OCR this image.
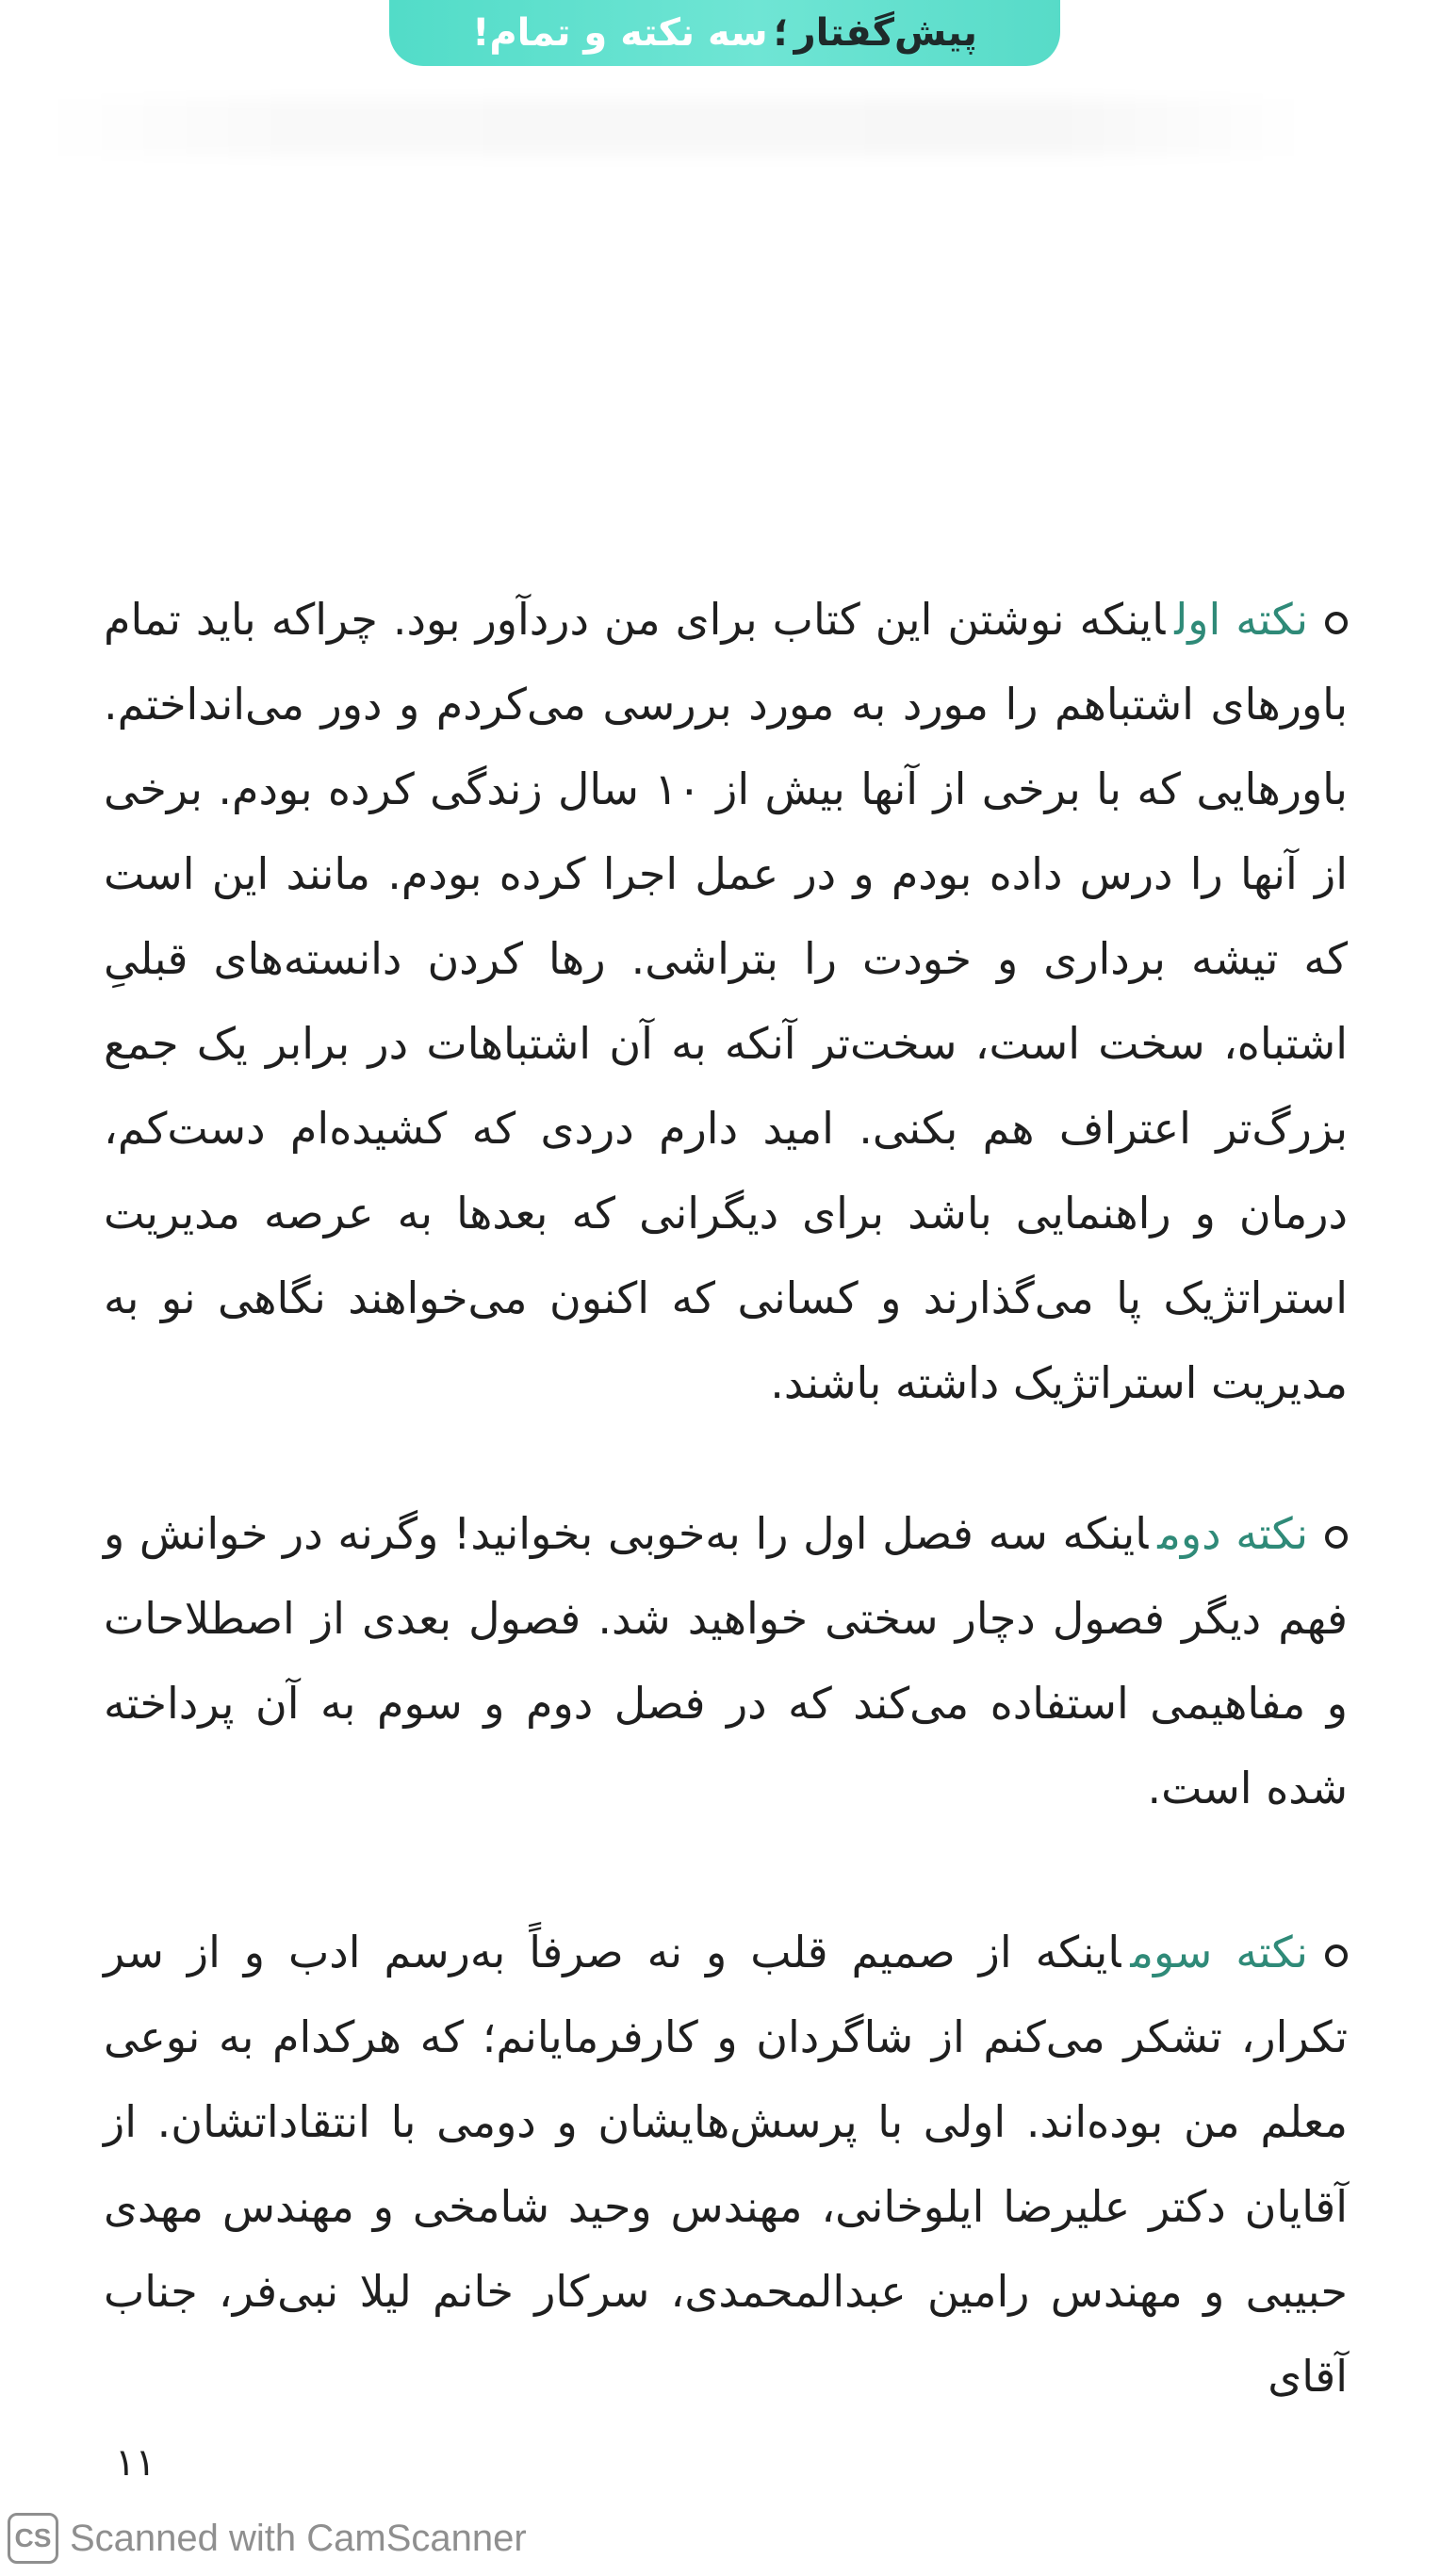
پیش‌گفتار
؛
سه نکته و تمام!
نکته اولاینکه نوشتن این کتاب برای من دردآور بود. چراکه باید تمام باورهای اشتباهم را مورد به مورد بررسی می‌کردم و دور می‌انداختم. باورهایی که با برخی از آنها بیش از ۱۰ سال زندگی کرده بودم. برخی از آنها را درس داده بودم و در عمل اجرا کرده بودم. مانند این است که تیشه برداری و خودت را بتراشی. رها کردن دانسته‌های قبلیِ اشتباه، سخت است، سخت‌تر آنکه به آن اشتباهات در برابر یک جمع بزرگ‌تر اعتراف هم بکنی. امید دارم دردی که کشیده‌ام دست‌کم، درمان و راهنمایی باشد برای دیگرانی که بعدها به عرصه مدیریت استراتژیک پا می‌گذارند و کسانی که اکنون می‌خواهند نگاهی نو به مدیریت استراتژیک داشته باشند.
نکته دوماینکه سه فصل اول را به‌خوبی بخوانید! وگرنه در خوانش و فهم دیگر فصول دچار سختی خواهید شد. فصول بعدی از اصطلاحات و مفاهیمی استفاده می‌کند که در فصل دوم و سوم به آن پرداخته شده است.
نکته سوماینکه از صمیم قلب و نه صرفاً به‌رسم ادب و از سر تکرار، تشکر می‌کنم از شاگردان و کارفرمایانم؛ که هرکدام به نوعی معلم من بوده‌اند. اولی با پرسش‌هایشان و دومی با انتقاداتشان. از آقایان دکتر علیرضا ایلوخانی، مهندس وحید شامخی و مهندس مهدی حبیبی و مهندس رامین عبدالمحمدی، سرکار خانم لیلا نبی‌فر، جناب آقای
۱۱
CS Scanned with CamScanner
